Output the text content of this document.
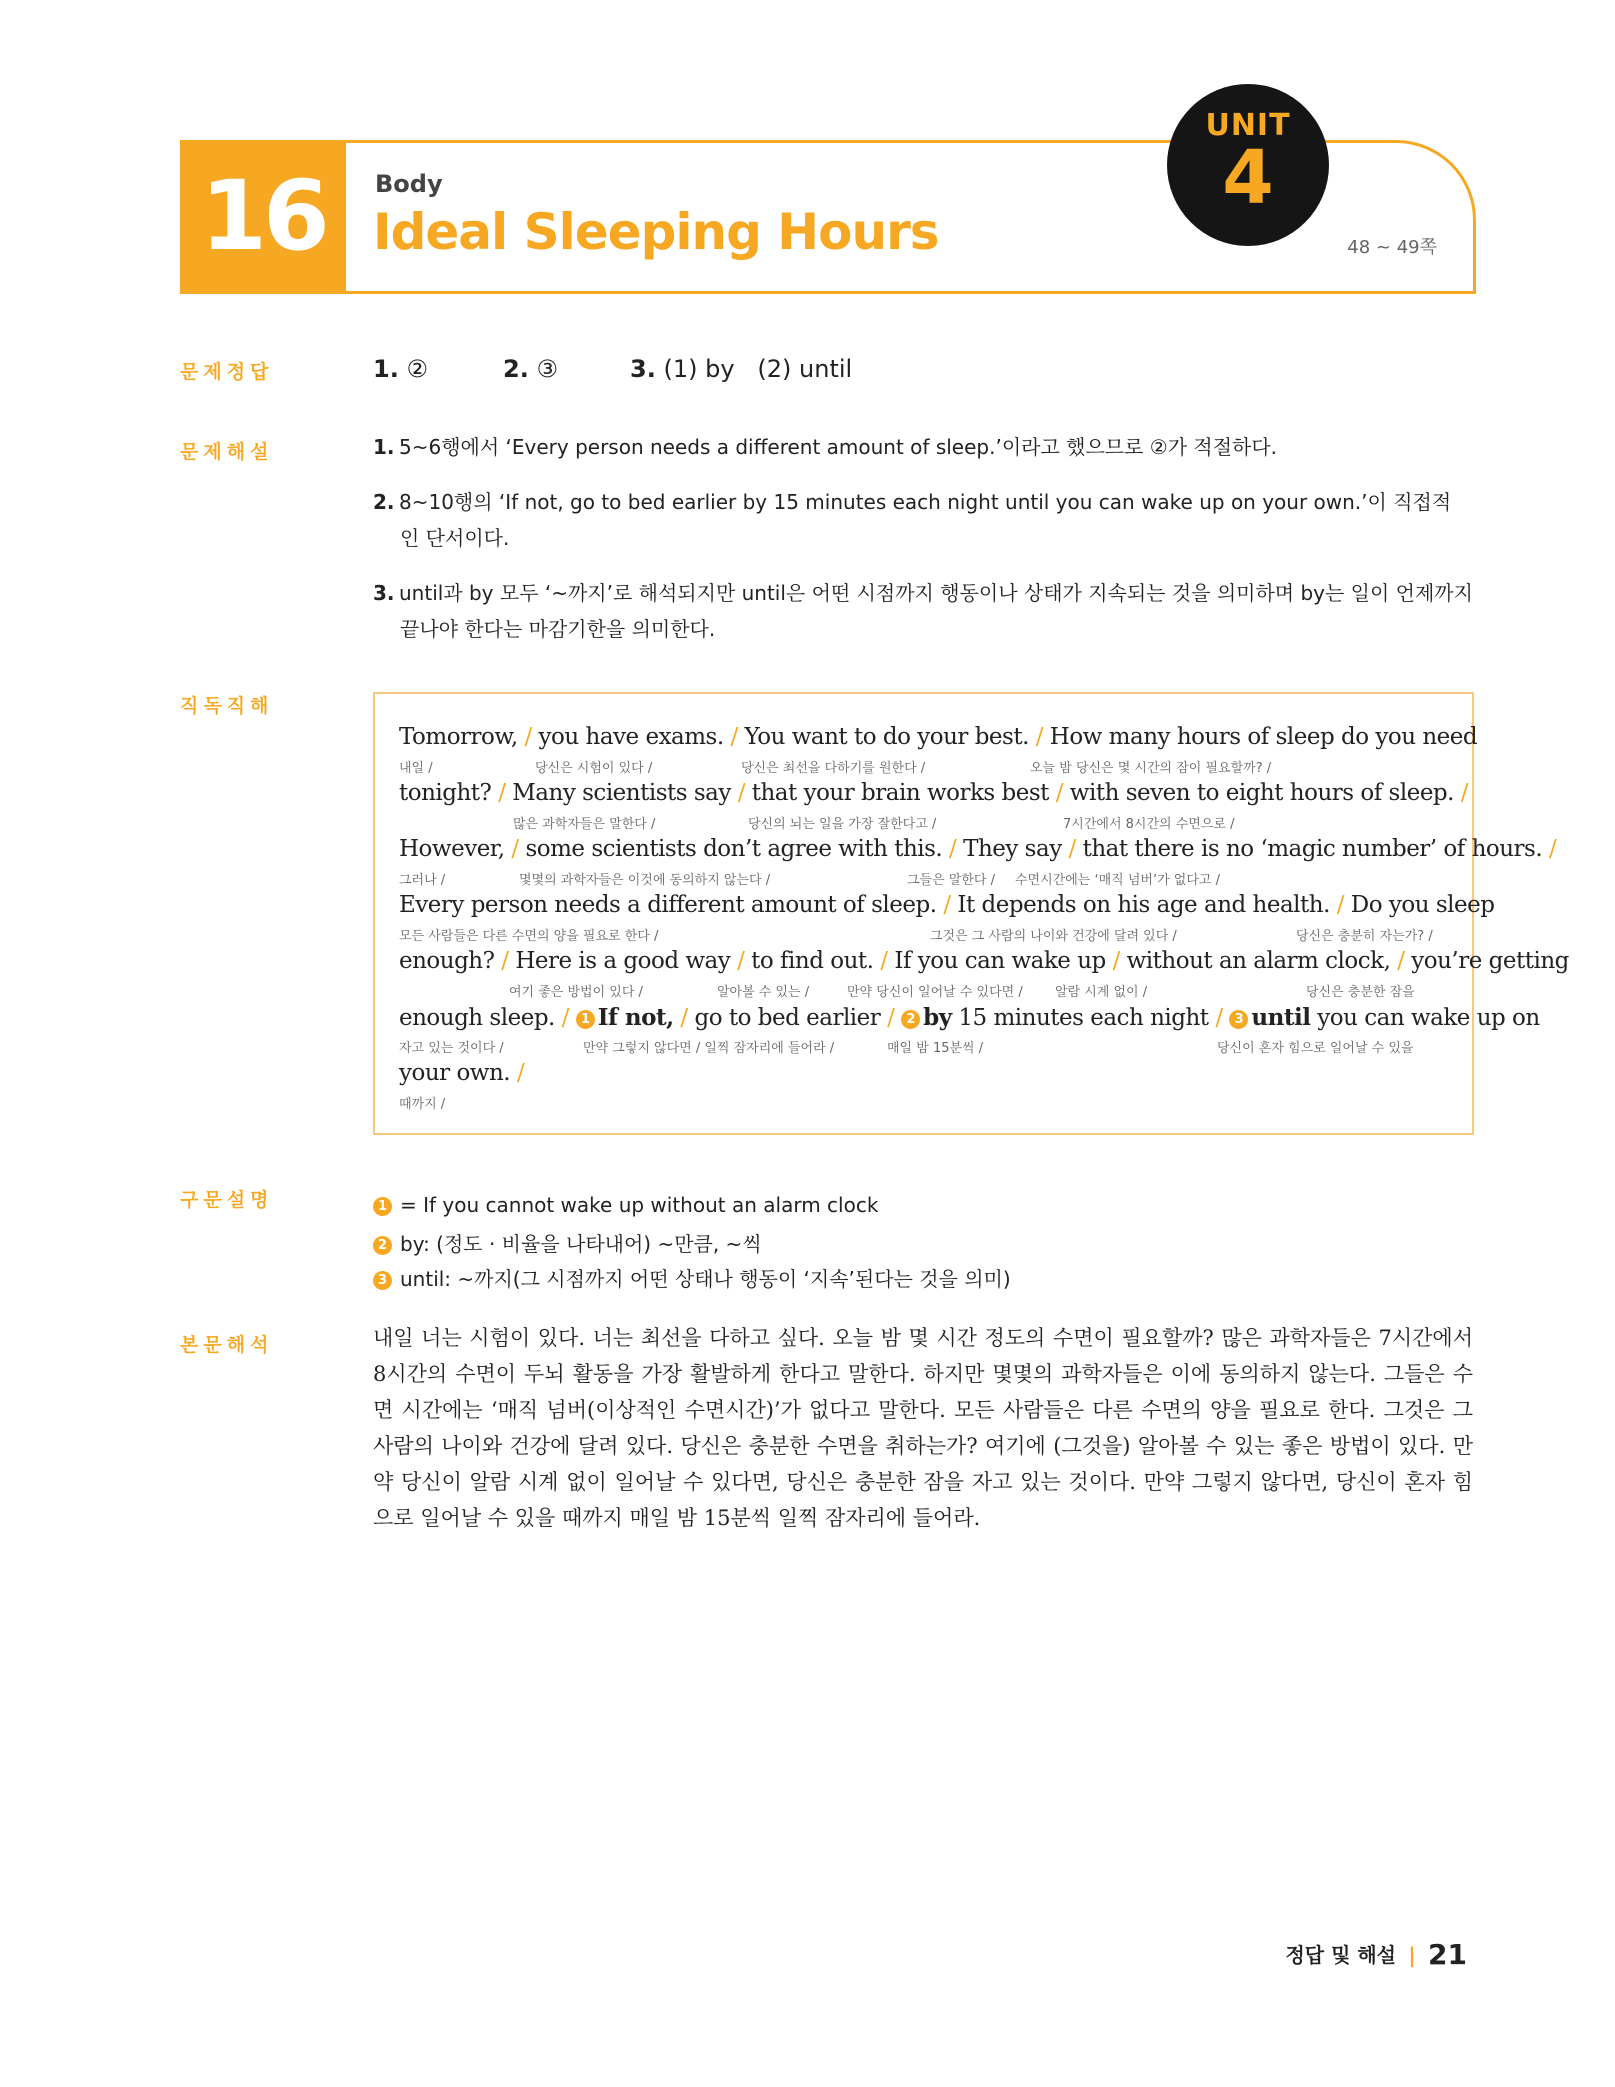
16	Body
Ideal Sleeping Hours	48 ~ 49쪽
UNIT
4
문제정답
문제해설
직독직해
구문설명
본문해석
1. ②	2. ③	3. (1) by   (2) until
1. 5~6행에서 ‘Every person needs a different amount of sleep.’이라고 했으므로 ②가 적절하다.
2. 8~10행의 ‘If not, go to bed earlier by 15 minutes each night until you can wake up on your own.’이 직접적
인 단서이다.
3. until과 by 모두 ‘~까지’로 해석되지만 until은 어떤 시점까지 행동이나 상태가 지속되는 것을 의미하며 by는 일이 언제까지
끝나야 한다는 마감기한을 의미한다.
Tomorrow, / you have exams. / You want to do your best. / How many hours of sleep do you need
내일 /	당신은 시험이 있다 /	당신은 최선을 다하기를 원한다 /	오늘 밤 당신은 몇 시간의 잠이 필요할까? /
tonight? / Many scientists say / that your brain works best / with seven to eight hours of sleep. /
많은 과학자들은 말한다 /	당신의 뇌는 일을 가장 잘한다고 /	7시간에서 8시간의 수면으로 /
However, / some scientists don’t agree with this. / They say / that there is no ‘magic number’ of hours. /
그러나 /	몇몇의 과학자들은 이것에 동의하지 않는다 /	그들은 말한다 / 수면시간에는 ‘매직 넘버’가 없다고 /
Every person needs a different amount of sleep. / It depends on his age and health. / Do you sleep
모든 사람들은 다른 수면의 양을 필요로 한다 /	그것은 그 사람의 나이와 건강에 달려 있다 /	당신은 충분히 자는가? /
enough? / Here is a good way / to find out. / If you can wake up / without an alarm clock, / you’re getting
여기 좋은 방법이 있다 /	알아볼 수 있는 /	만약 당신이 일어날 수 있다면 / 알람 시계 없이 /	당신은 충분한 잠을
enough sleep. / 1 If not, / go to bed earlier / 2 by 15 minutes each night / 3 until you can wake up on
자고 있는 것이다 /	만약 그렇지 않다면 / 일찍 잠자리에 들어라 /	매일 밤 15분씩 /	당신이 혼자 힘으로 일어날 수 있을
your own. /
때까지 /
1 = If you cannot wake up without an alarm clock
2 by: (정도 · 비율을 나타내어) ~만큼, ~씩
3 until: ~까지(그 시점까지 어떤 상태나 행동이 ‘지속’된다는 것을 의미)
내일 너는 시험이 있다. 너는 최선을 다하고 싶다. 오늘 밤 몇 시간 정도의 수면이 필요할까? 많은 과학자들은 7시간에서 8시간의 수면이 두뇌 활동을 가장 활발하게 한다고 말한다. 하지만 몇몇의 과학자들은 이에 동의하지 않는다. 그들은 수면 시간에는 ‘매직 넘버(이상적인 수면시간)’가 없다고 말한다. 모든 사람들은 다른 수면의 양을 필요로 한다. 그것은 그 사람의 나이와 건강에 달려 있다. 당신은 충분한 수면을 취하는가? 여기에 (그것을) 알아볼 수 있는 좋은 방법이 있다. 만약 당신이 알람 시계 없이 일어날 수 있다면, 당신은 충분한 잠을 자고 있는 것이다. 만약 그렇지 않다면, 당신이 혼자 힘으로 일어날 수 있을 때까지 매일 밤 15분씩 일찍 잠자리에 들어라.
정답 및 해설 | 21
